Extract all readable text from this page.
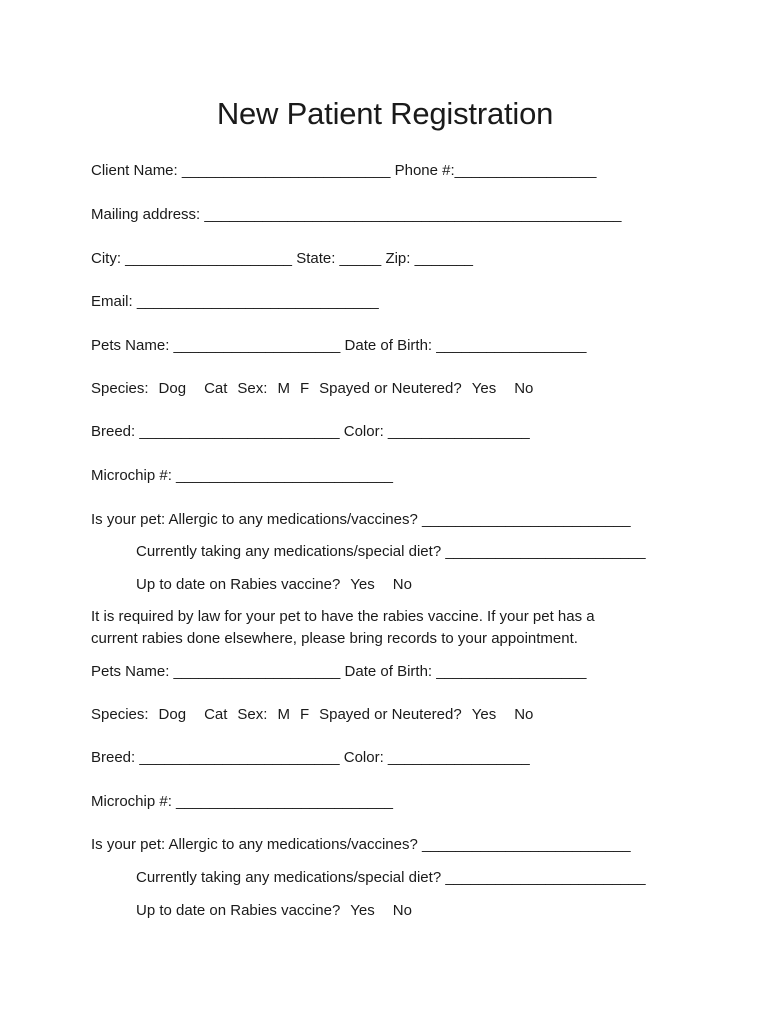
New Patient Registration
Client Name: _________________________ Phone #:_________________
Mailing address: __________________________________________________
City: ____________________ State: _____ Zip: _______
Email: _____________________________
Pets Name: ____________________ Date of Birth: __________________
Species: Dog Cat Sex: M F Spayed or Neutered? Yes No
Breed: ________________________ Color: _________________
Microchip #: __________________________
Is your pet: Allergic to any medications/vaccines? _________________________
Currently taking any medications/special diet? ________________________
Up to date on Rabies vaccine? Yes No
It is required by law for your pet to have the rabies vaccine. If your pet has a
current rabies done elsewhere, please bring records to your appointment.
Pets Name: ____________________ Date of Birth: __________________
Species: Dog Cat Sex: M F Spayed or Neutered? Yes No
Breed: ________________________ Color: _________________
Microchip #: __________________________
Is your pet: Allergic to any medications/vaccines? _________________________
Currently taking any medications/special diet? ________________________
Up to date on Rabies vaccine? Yes No
